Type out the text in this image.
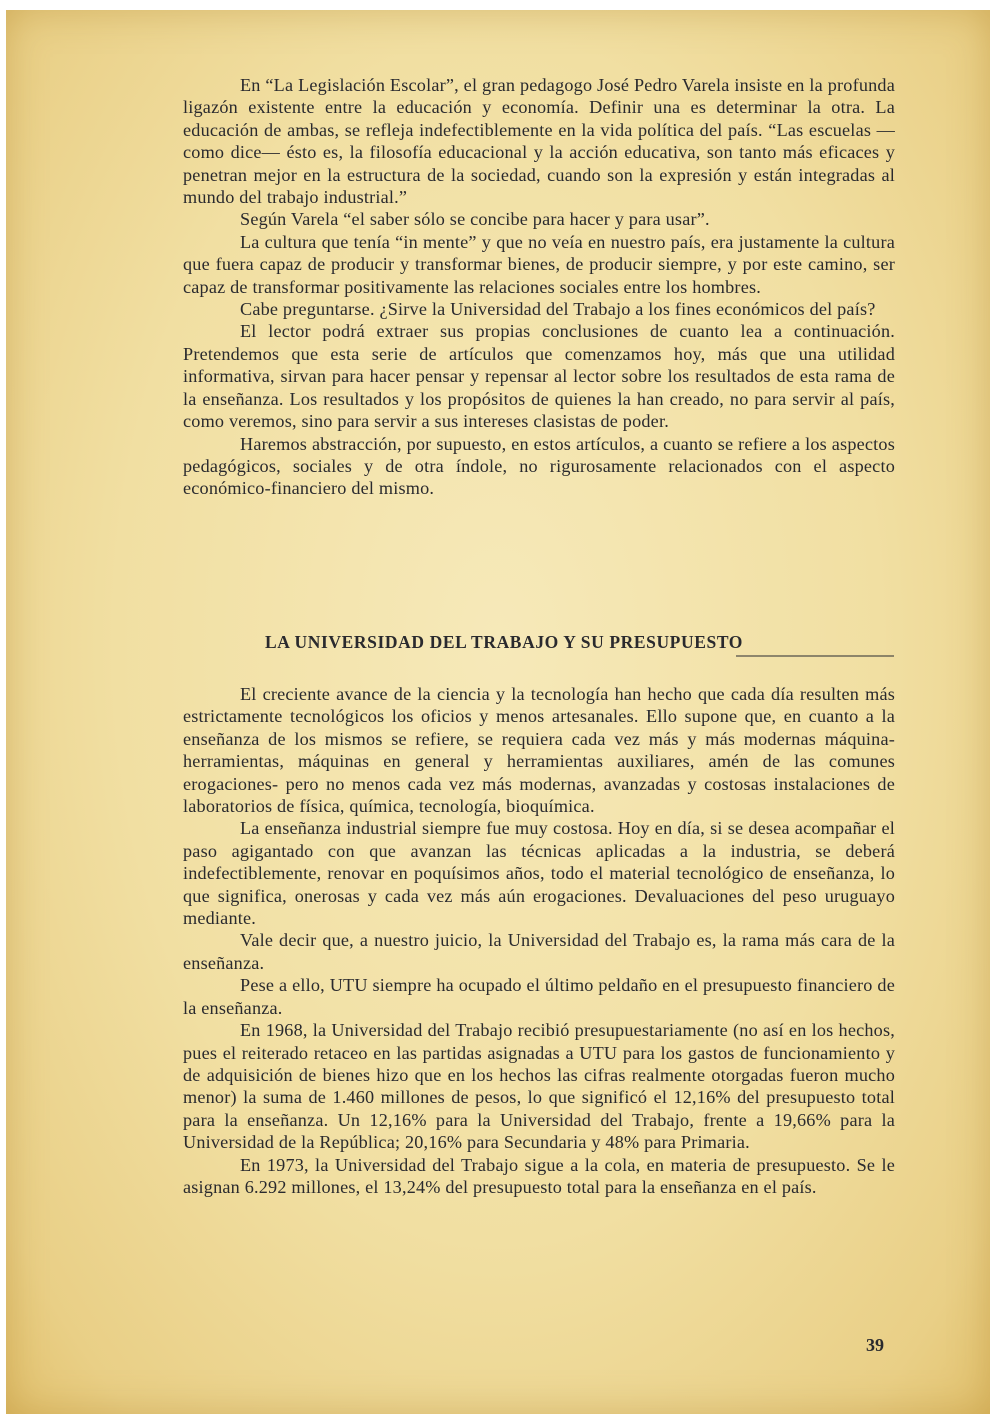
En “La Legislación Escolar”, el gran pedagogo José Pedro Varela insiste en la profunda ligazón existente entre la educación y economía. Definir una es determinar la otra. La educación de ambas, se refleja indefectiblemente en la vida política del país. “Las escuelas —como dice— ésto es, la filosofía educacional y la acción educativa, son tanto más eficaces y penetran mejor en la estructura de la sociedad, cuando son la expresión y están integradas al mundo del trabajo industrial.”

Según Varela “el saber sólo se concibe para hacer y para usar”.

La cultura que tenía “in mente” y que no veía en nuestro país, era justamente la cultura que fuera capaz de producir y transformar bienes, de producir siempre, y por este camino, ser capaz de transformar positivamente las relaciones sociales entre los hombres.

Cabe preguntarse. ¿Sirve la Universidad del Trabajo a los fines económicos del país?

El lector podrá extraer sus propias conclusiones de cuanto lea a continuación. Pretendemos que esta serie de artículos que comenzamos hoy, más que una utilidad informativa, sirvan para hacer pensar y repensar al lector sobre los resultados de esta rama de la enseñanza. Los resultados y los propósitos de quienes la han creado, no para servir al país, como veremos, sino para servir a sus intereses clasistas de poder.

Haremos abstracción, por supuesto, en estos artículos, a cuanto se refiere a los aspectos pedagógicos, sociales y de otra índole, no rigurosamente relacionados con el aspecto económico-financiero del mismo.

LA UNIVERSIDAD DEL TRABAJO Y SU PRESUPUESTO

El creciente avance de la ciencia y la tecnología han hecho que cada día resulten más estrictamente tecnológicos los oficios y menos artesanales. Ello supone que, en cuanto a la enseñanza de los mismos se refiere, se requiera cada vez más y más modernas máquina-herramientas, máquinas en general y herramientas auxiliares, amén de las comunes erogaciones- pero no menos cada vez más modernas, avanzadas y costosas instalaciones de laboratorios de física, química, tecnología, bioquímica.

La enseñanza industrial siempre fue muy costosa. Hoy en día, si se desea acompañar el paso agigantado con que avanzan las técnicas aplicadas a la industria, se deberá indefectiblemente, renovar en poquísimos años, todo el material tecnológico de enseñanza, lo que significa, onerosas y cada vez más aún erogaciones. Devaluaciones del peso uruguayo mediante.

Vale decir que, a nuestro juicio, la Universidad del Trabajo es, la rama más cara de la enseñanza.

Pese a ello, UTU siempre ha ocupado el último peldaño en el presupuesto financiero de la enseñanza.

En 1968, la Universidad del Trabajo recibió presupuestariamente (no así en los hechos, pues el reiterado retaceo en las partidas asignadas a UTU para los gastos de funcionamiento y de adquisición de bienes hizo que en los hechos las cifras realmente otorgadas fueron mucho menor) la suma de 1.460 millones de pesos, lo que significó el 12,16% del presupuesto total para la enseñanza. Un 12,16% para la Universidad del Trabajo, frente a 19,66% para la Universidad de la República; 20,16% para Secundaria y 48% para Primaria.

En 1973, la Universidad del Trabajo sigue a la cola, en materia de presupuesto. Se le asignan 6.292 millones, el 13,24% del presupuesto total para la enseñanza en el país.

39
